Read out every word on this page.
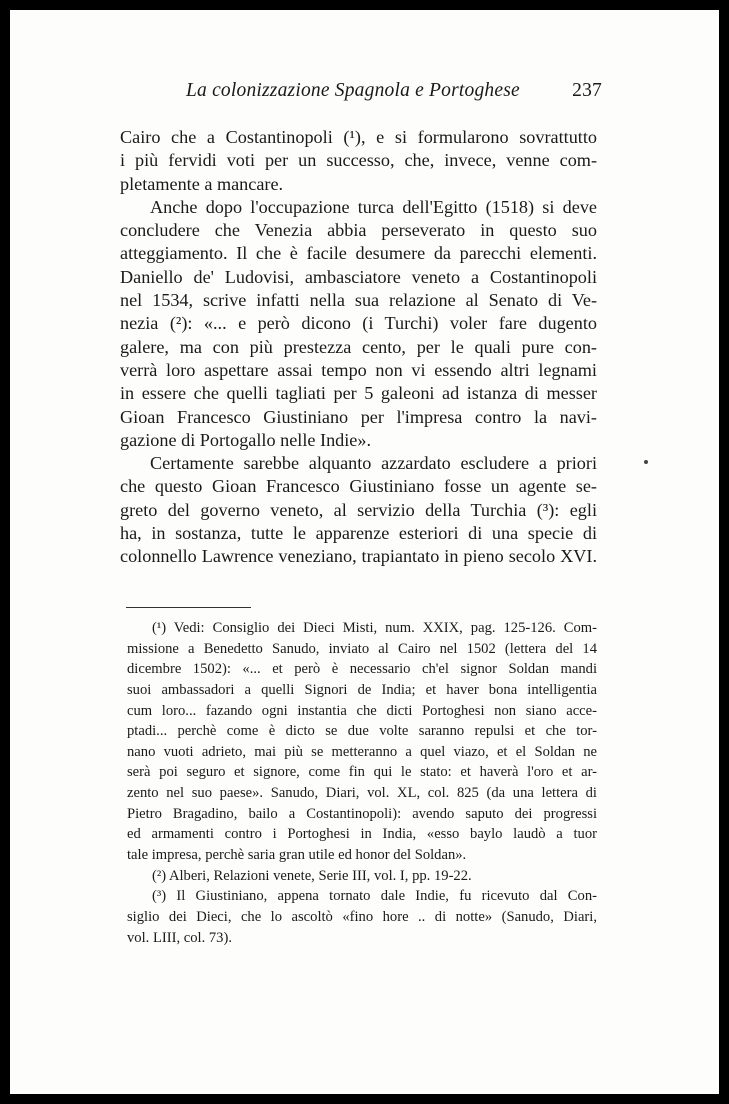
La colonizzazione Spagnola e Portoghese	237
Cairo che a Costantinopoli (¹), e si formularono sovrattutto
i più fervidi voti per un successo, che, invece, venne com-
pletamente a mancare.
Anche dopo l'occupazione turca dell'Egitto (1518) si deve
concludere che Venezia abbia perseverato in questo suo
atteggiamento. Il che è facile desumere da parecchi elementi.
Daniello de' Ludovisi, ambasciatore veneto a Costantinopoli
nel 1534, scrive infatti nella sua relazione al Senato di Ve-
nezia (²): «... e però dicono (i Turchi) voler fare dugento
galere, ma con più prestezza cento, per le quali pure con-
verrà loro aspettare assai tempo non vi essendo altri legnami
in essere che quelli tagliati per 5 galeoni ad istanza di messer
Gioan Francesco Giustiniano per l'impresa contro la navi-
gazione di Portogallo nelle Indie».
Certamente sarebbe alquanto azzardato escludere a priori
che questo Gioan Francesco Giustiniano fosse un agente se-
greto del governo veneto, al servizio della Turchia (³): egli
ha, in sostanza, tutte le apparenze esteriori di una specie di
colonnello Lawrence veneziano, trapiantato in pieno secolo XVI.
(¹) Vedi: Consiglio dei Dieci Misti, num. XXIX, pag. 125-126. Com-
missione a Benedetto Sanudo, inviato al Cairo nel 1502 (lettera del 14
dicembre 1502): «... et però è necessario ch'el signor Soldan mandi
suoi ambassadori a quelli Signori de India; et haver bona intelligentia
cum loro... fazando ogni instantia che dicti Portoghesi non siano acce-
ptadi... perchè come è dicto se due volte saranno repulsi et che tor-
nano vuoti adrieto, mai più se metteranno a quel viazo, et el Soldan ne
serà poi seguro et signore, come fin qui le stato: et haverà l'oro et ar-
zento nel suo paese». Sanudo, Diari, vol. XL, col. 825 (da una lettera di
Pietro Bragadino, bailo a Costantinopoli): avendo saputo dei progressi
ed armamenti contro i Portoghesi in India, «esso baylo laudò a tuor
tale impresa, perchè saria gran utile ed honor del Soldan».
(²) Alberi, Relazioni venete, Serie III, vol. I, pp. 19-22.
(³) Il Giustiniano, appena tornato dale Indie, fu ricevuto dal Con-
siglio dei Dieci, che lo ascoltò «fino hore .. di notte» (Sanudo, Diari,
vol. LIII, col. 73).
